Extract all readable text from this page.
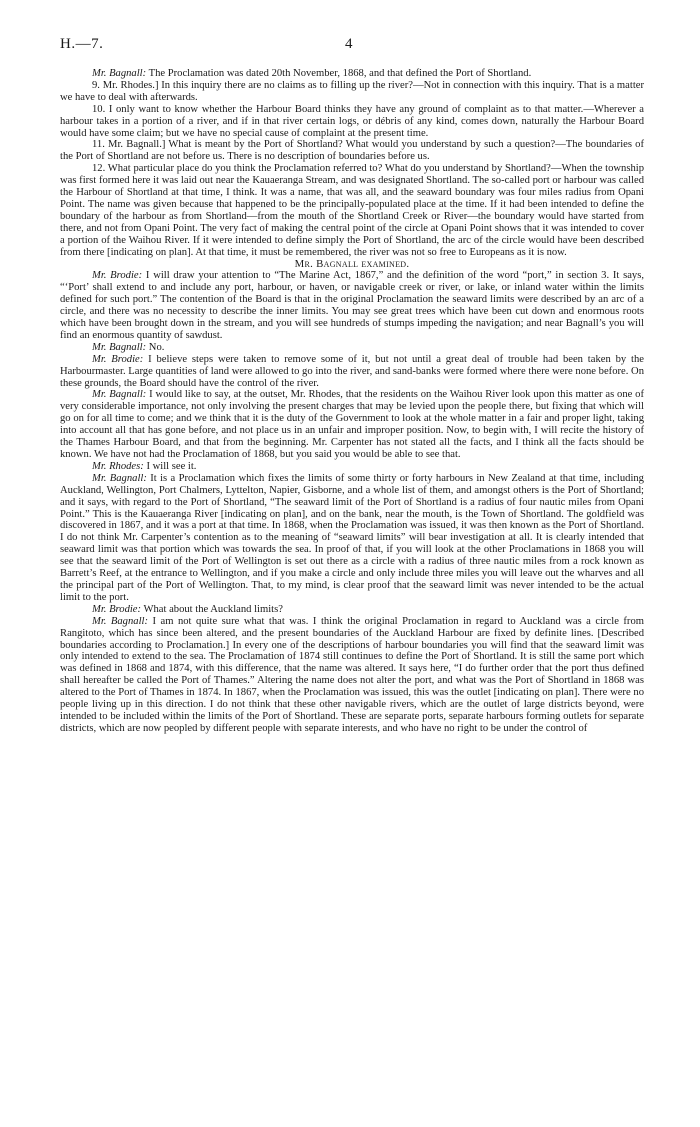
H.—7.	4

Mr. Bagnall: The Proclamation was dated 20th November, 1868, and that defined the Port of Shortland.

9. Mr. Rhodes.] In this inquiry there are no claims as to filling up the river?—Not in connection with this inquiry. That is a matter we have to deal with afterwards.

10. I only want to know whether the Harbour Board thinks they have any ground of complaint as to that matter.—Wherever a harbour takes in a portion of a river, and if in that river certain logs, or débris of any kind, comes down, naturally the Harbour Board would have some claim; but we have no special cause of complaint at the present time.

11. Mr. Bagnall.] What is meant by the Port of Shortland? What would you understand by such a question?—The boundaries of the Port of Shortland are not before us. There is no description of boundaries before us.

12. What particular place do you think the Proclamation referred to? What do you understand by Shortland?—When the township was first formed here it was laid out near the Kauaeranga Stream, and was designated Shortland. The so-called port or harbour was called the Harbour of Shortland at that time, I think. It was a name, that was all, and the seaward boundary was four miles radius from Opani Point. The name was given because that happened to be the principally-populated place at the time. If it had been intended to define the boundary of the harbour as from Shortland—from the mouth of the Shortland Creek or River—the boundary would have started from there, and not from Opani Point. The very fact of making the central point of the circle at Opani Point shows that it was intended to cover a portion of the Waihou River. If it were intended to define simply the Port of Shortland, the arc of the circle would have been described from there [indicating on plan]. At that time, it must be remembered, the river was not so free to Europeans as it is now.

Mr. Bagnall examined.

Mr. Brodie: I will draw your attention to “The Marine Act, 1867,” and the definition of the word “port,” in section 3. It says, “‘Port’ shall extend to and include any port, harbour, or haven, or navigable creek or river, or lake, or inland water within the limits defined for such port.” The contention of the Board is that in the original Proclamation the seaward limits were described by an arc of a circle, and there was no necessity to describe the inner limits. You may see great trees which have been cut down and enormous roots which have been brought down in the stream, and you will see hundreds of stumps impeding the navigation; and near Bagnall’s you will find an enormous quantity of sawdust.

Mr. Bagnall: No.

Mr. Brodie: I believe steps were taken to remove some of it, but not until a great deal of trouble had been taken by the Harbourmaster. Large quantities of land were allowed to go into the river, and sand-banks were formed where there were none before. On these grounds, the Board should have the control of the river.

Mr. Bagnall: I would like to say, at the outset, Mr. Rhodes, that the residents on the Waihou River look upon this matter as one of very considerable importance, not only involving the present charges that may be levied upon the people there, but fixing that which will go on for all time to come; and we think that it is the duty of the Government to look at the whole matter in a fair and proper light, taking into account all that has gone before, and not place us in an unfair and improper position. Now, to begin with, I will recite the history of the Thames Harbour Board, and that from the beginning. Mr. Carpenter has not stated all the facts, and I think all the facts should be known. We have not had the Proclamation of 1868, but you said you would be able to see that.

Mr. Rhodes: I will see it.

Mr. Bagnall: It is a Proclamation which fixes the limits of some thirty or forty harbours in New Zealand at that time, including Auckland, Wellington, Port Chalmers, Lyttelton, Napier, Gisborne, and a whole list of them, and amongst others is the Port of Shortland; and it says, with regard to the Port of Shortland, “The seaward limit of the Port of Shortland is a radius of four nautic miles from Opani Point.” This is the Kauaeranga River [indicating on plan], and on the bank, near the mouth, is the Town of Shortland. The goldfield was discovered in 1867, and it was a port at that time. In 1868, when the Proclamation was issued, it was then known as the Port of Shortland. I do not think Mr. Carpenter’s contention as to the meaning of “seaward limits” will bear investigation at all. It is clearly intended that seaward limit was that portion which was towards the sea. In proof of that, if you will look at the other Proclamations in 1868 you will see that the seaward limit of the Port of Wellington is set out there as a circle with a radius of three nautic miles from a rock known as Barrett’s Reef, at the entrance to Wellington, and if you make a circle and only include three miles you will leave out the wharves and all the principal part of the Port of Wellington. That, to my mind, is clear proof that the seaward limit was never intended to be the actual limit to the port.

Mr. Brodie: What about the Auckland limits?

Mr. Bagnall: I am not quite sure what that was. I think the original Proclamation in regard to Auckland was a circle from Rangitoto, which has since been altered, and the present boundaries of the Auckland Harbour are fixed by definite lines. [Described boundaries according to Proclamation.] In every one of the descriptions of harbour boundaries you will find that the seaward limit was only intended to extend to the sea. The Proclamation of 1874 still continues to define the Port of Shortland. It is still the same port which was defined in 1868 and 1874, with this difference, that the name was altered. It says here, “I do further order that the port thus defined shall hereafter be called the Port of Thames.” Altering the name does not alter the port, and what was the Port of Shortland in 1868 was altered to the Port of Thames in 1874. In 1867, when the Proclamation was issued, this was the outlet [indicating on plan]. There were no people living up in this direction. I do not think that these other navigable rivers, which are the outlet of large districts beyond, were intended to be included within the limits of the Port of Shortland. These are separate ports, separate harbours forming outlets for separate districts, which are now peopled by different people with separate interests, and who have no right to be under the control of
